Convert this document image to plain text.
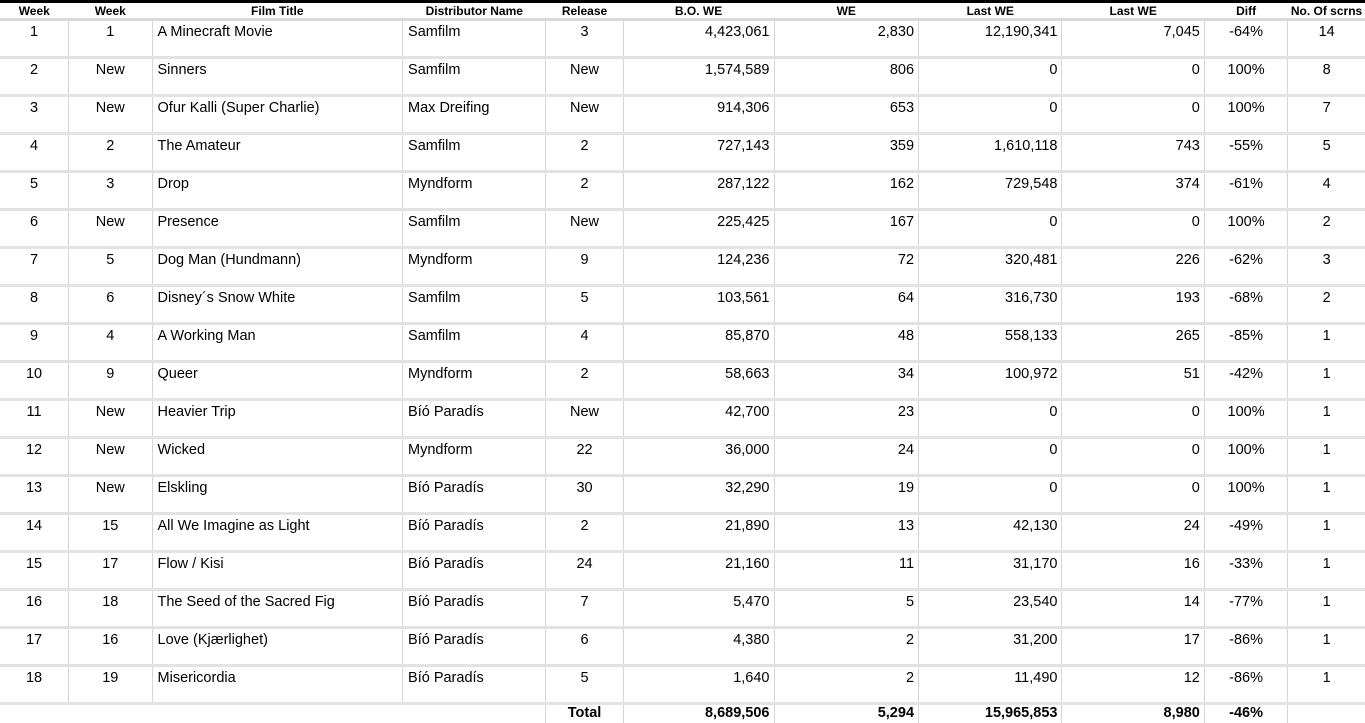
Week	Week	Film Title	Distributor Name	Release	B.O. WE	WE	Last WE	Last WE	Diff	No. Of scrns
1	1	A Minecraft Movie	Samfilm	3	4,423,061	2,830	12,190,341	7,045	-64%	14
2	New	Sinners	Samfilm	New	1,574,589	806	0	0	100%	8
3	New	Ofur Kalli (Super Charlie)	Max Dreifing	New	914,306	653	0	0	100%	7
4	2	The Amateur	Samfilm	2	727,143	359	1,610,118	743	-55%	5
5	3	Drop	Myndform	2	287,122	162	729,548	374	-61%	4
6	New	Presence	Samfilm	New	225,425	167	0	0	100%	2
7	5	Dog Man (Hundmann)	Myndform	9	124,236	72	320,481	226	-62%	3
8	6	Disney´s Snow White	Samfilm	5	103,561	64	316,730	193	-68%	2
9	4	A Working Man	Samfilm	4	85,870	48	558,133	265	-85%	1
10	9	Queer	Myndform	2	58,663	34	100,972	51	-42%	1
11	New	Heavier Trip	Bíó Paradís	New	42,700	23	0	0	100%	1
12	New	Wicked	Myndform	22	36,000	24	0	0	100%	1
13	New	Elskling	Bíó Paradís	30	32,290	19	0	0	100%	1
14	15	All We Imagine as Light	Bíó Paradís	2	21,890	13	42,130	24	-49%	1
15	17	Flow / Kisi	Bíó Paradís	24	21,160	11	31,170	16	-33%	1
16	18	The Seed of the Sacred Fig	Bíó Paradís	7	5,470	5	23,540	14	-77%	1
17	16	Love (Kjærlighet)	Bíó Paradís	6	4,380	2	31,200	17	-86%	1
18	19	Misericordia	Bíó Paradís	5	1,640	2	11,490	12	-86%	1
				Total	8,689,506	5,294	15,965,853	8,980	-46%	
